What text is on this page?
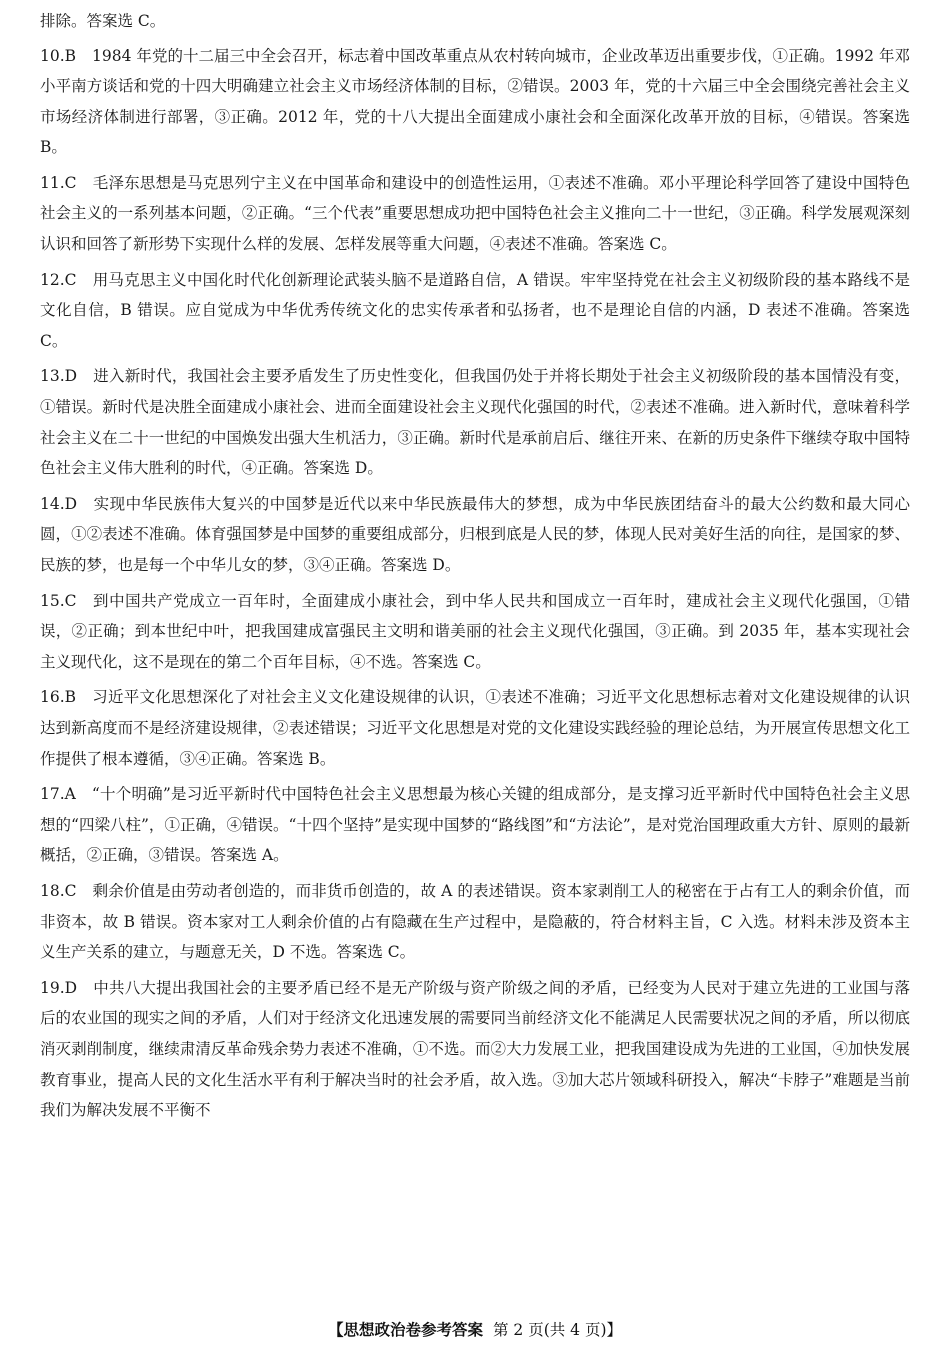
排除。答案选 C。

10.B 1984 年党的十二届三中全会召开，标志着中国改革重点从农村转向城市，企业改革迈出重要步伐，①正确。1992 年邓小平南方谈话和党的十四大明确建立社会主义市场经济体制的目标，②错误。2003 年，党的十六届三中全会围绕完善社会主义市场经济体制进行部署，③正确。2012 年，党的十八大提出全面建成小康社会和全面深化改革开放的目标，④错误。答案选 B。

11.C 毛泽东思想是马克思列宁主义在中国革命和建设中的创造性运用，①表述不准确。邓小平理论科学回答了建设中国特色社会主义的一系列基本问题，②正确。“三个代表”重要思想成功把中国特色社会主义推向二十一世纪，③正确。科学发展观深刻认识和回答了新形势下实现什么样的发展、怎样发展等重大问题，④表述不准确。答案选 C。

12.C 用马克思主义中国化时代化创新理论武装头脑不是道路自信，A 错误。牢牢坚持党在社会主义初级阶段的基本路线不是文化自信，B 错误。应自觉成为中华优秀传统文化的忠实传承者和弘扬者，也不是理论自信的内涵，D 表述不准确。答案选 C。

13.D 进入新时代，我国社会主要矛盾发生了历史性变化，但我国仍处于并将长期处于社会主义初级阶段的基本国情没有变，①错误。新时代是决胜全面建成小康社会、进而全面建设社会主义现代化强国的时代，②表述不准确。进入新时代，意味着科学社会主义在二十一世纪的中国焕发出强大生机活力，③正确。新时代是承前启后、继往开来、在新的历史条件下继续夺取中国特色社会主义伟大胜利的时代，④正确。答案选 D。

14.D 实现中华民族伟大复兴的中国梦是近代以来中华民族最伟大的梦想，成为中华民族团结奋斗的最大公约数和最大同心圆，①②表述不准确。体育强国梦是中国梦的重要组成部分，归根到底是人民的梦，体现人民对美好生活的向往，是国家的梦、民族的梦，也是每一个中华儿女的梦，③④正确。答案选 D。

15.C 到中国共产党成立一百年时，全面建成小康社会，到中华人民共和国成立一百年时，建成社会主义现代化强国，①错误，②正确；到本世纪中叶，把我国建成富强民主文明和谐美丽的社会主义现代化强国，③正确。到 2035 年，基本实现社会主义现代化，这不是现在的第二个百年目标，④不选。答案选 C。

16.B 习近平文化思想深化了对社会主义文化建设规律的认识，①表述不准确；习近平文化思想标志着对文化建设规律的认识达到新高度而不是经济建设规律，②表述错误；习近平文化思想是对党的文化建设实践经验的理论总结，为开展宣传思想文化工作提供了根本遵循，③④正确。答案选 B。

17.A “十个明确”是习近平新时代中国特色社会主义思想最为核心关键的组成部分，是支撑习近平新时代中国特色社会主义思想的“四梁八柱”，①正确，④错误。“十四个坚持”是实现中国梦的“路线图”和“方法论”，是对党治国理政重大方针、原则的最新概括，②正确，③错误。答案选 A。

18.C 剩余价值是由劳动者创造的，而非货币创造的，故 A 的表述错误。资本家剥削工人的秘密在于占有工人的剩余价值，而非资本，故 B 错误。资本家对工人剩余价值的占有隐藏在生产过程中，是隐蔽的，符合材料主旨，C 入选。材料未涉及资本主义生产关系的建立，与题意无关，D 不选。答案选 C。

19.D 中共八大提出我国社会的主要矛盾已经不是无产阶级与资产阶级之间的矛盾，已经变为人民对于建立先进的工业国与落后的农业国的现实之间的矛盾，人们对于经济文化迅速发展的需要同当前经济文化不能满足人民需要状况之间的矛盾，所以彻底消灭剥削制度，继续肃清反革命残余势力表述不准确，①不选。而②大力发展工业，把我国建设成为先进的工业国，④加快发展教育事业，提高人民的文化生活水平有利于解决当时的社会矛盾，故入选。③加大芯片领域科研投入，解决“卡脖子”难题是当前我们为解决发展不平衡不

【思想政治卷参考答案 第 2 页(共 4 页)】
